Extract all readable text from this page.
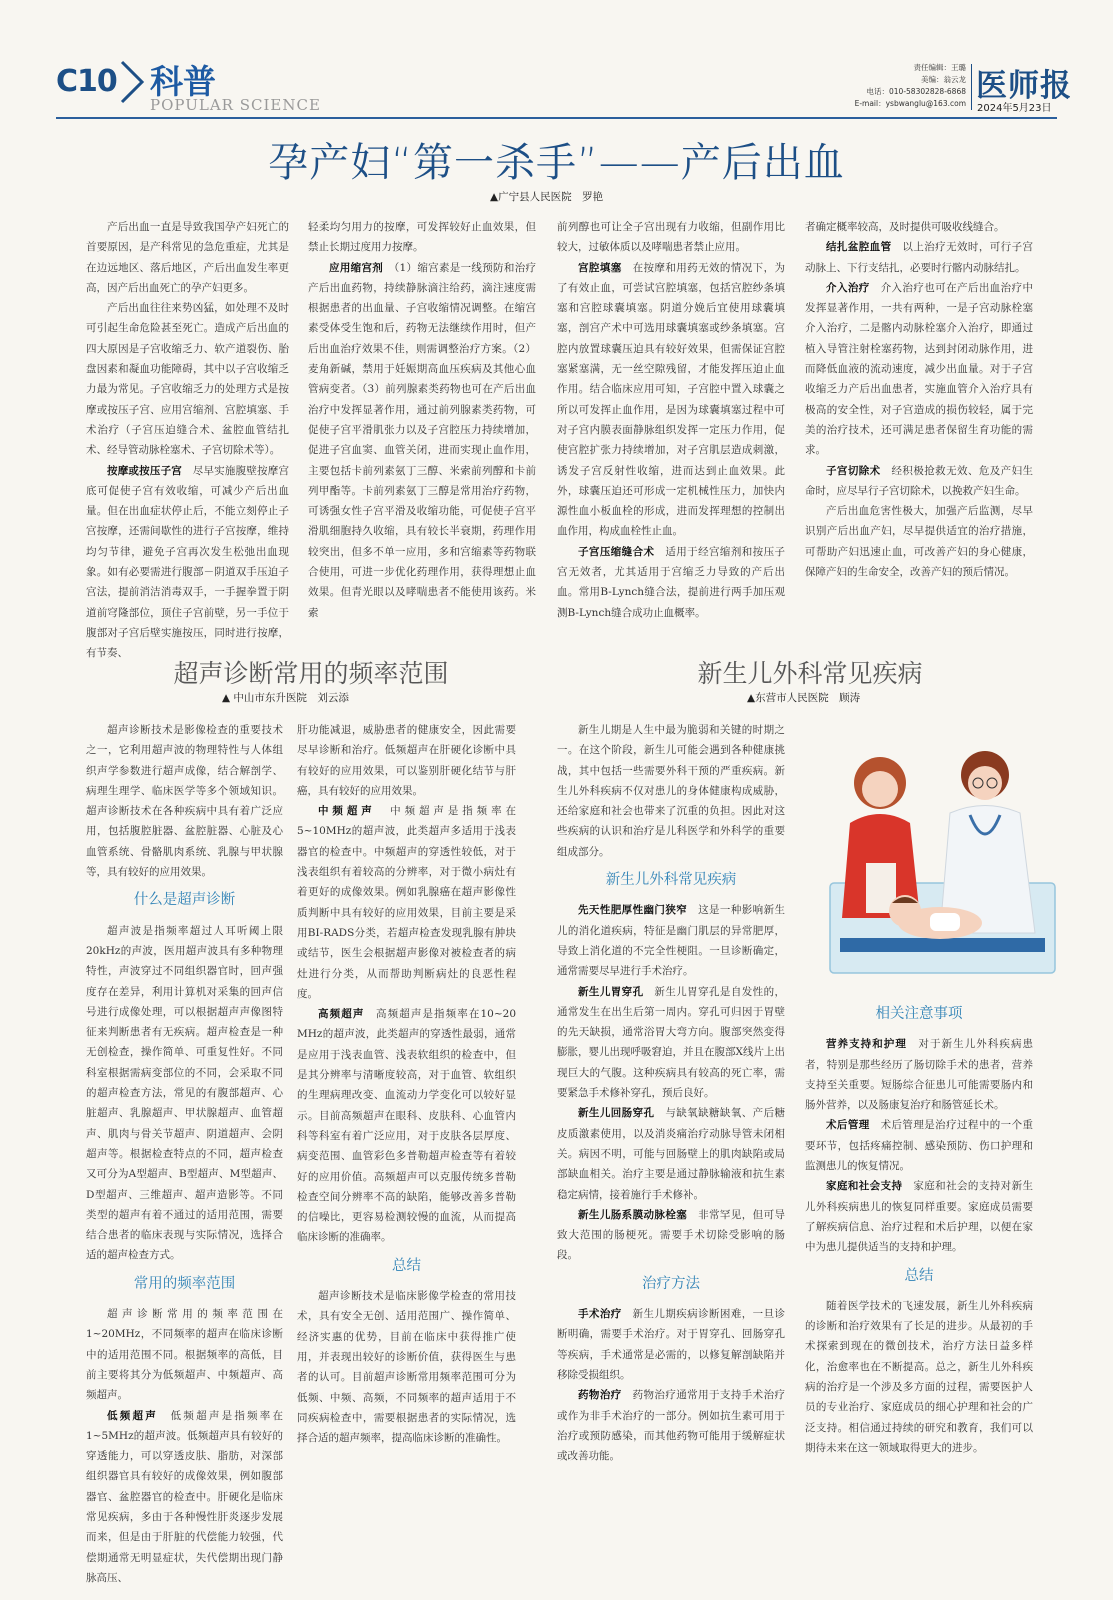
C10 科普
POPULAR SCIENCE
责任编辑：王璐
美编：翁云龙
电话：010-58302828-6868
E-mail：ysbwanglu@163.com 医师报
2024年5月23日
孕产妇“第一杀手”——产后出血
▲广宁县人民医院　罗艳

产后出血一直是导致我国孕产妇死亡的首要原因，是产科常见的急危重症，尤其是在边远地区、落后地区，产后出血发生率更高，因产后出血死亡的孕产妇更多。

产后出血往往来势凶猛，如处理不及时可引起生命危险甚至死亡。造成产后出血的四大原因是子宫收缩乏力、软产道裂伤、胎盘因素和凝血功能障碍，其中以子宫收缩乏力最为常见。子宫收缩乏力的处理方式是按摩或按压子宫、应用宫缩剂、宫腔填塞、手术治疗（子宫压迫缝合术、盆腔血管结扎术、经导管动脉栓塞术、子宫切除术等）。

按摩或按压子宫　 尽早实施腹壁按摩宫底可促使子宫有效收缩，可减少产后出血量。但在出血症状停止后，不能立刻停止子宫按摩，还需间歇性的进行子宫按摩，维持均匀节律，避免子宫再次发生松弛出血现象。如有必要需进行腹部－阴道双手压迫子宫法，提前消洁消毒双手，一手握拳置于阴道前穹隆部位，顶住子宫前壁，另一手位于腹部对子宫后壁实施按压，同时进行按摩，有节奏、

轻柔均匀用力的按摩，可发挥较好止血效果，但禁止长期过度用力按摩。

应用缩宫剂　 （1）缩宫素是一线预防和治疗产后出血药物，持续静脉滴注给药，滴注速度需根据患者的出血量、子宫收缩情况调整。在缩宫素受体受生饱和后，药物无法继续作用时，但产后出血治疗效果不佳，则需调整治疗方案。（2）麦角新碱，禁用于妊娠期高血压疾病及其他心血管病变者。（3）前列腺素类药物也可在产后出血治疗中发挥显著作用，通过前列腺素类药物，可促使子宫平滑肌张力以及子宫腔压力持续增加，促进子宫血窦、血管关闭，进而实现止血作用，主要包括卡前列素氨丁三醇、米索前列醇和卡前列甲酯等。卡前列素氨丁三醇是常用治疗药物，可诱强女性子宫平滑及收缩功能，可促使子宫平滑肌细胞持久收缩，具有较长半衰期，药理作用较突出，但多不单一应用，多和宫缩素等药物联合使用，可进一步优化药理作用，获得理想止血效果。但青光眼以及哮喘患者不能使用该药。米索

前列醇也可让全子宫出现有力收缩，但副作用比较大，过敏体质以及哮喘患者禁止应用。

宫腔填塞　 在按摩和用药无效的情况下，为了有效止血，可尝试宫腔填塞，包括宫腔纱条填塞和宫腔球囊填塞。阴道分娩后宜使用球囊填塞，剖宫产术中可选用球囊填塞或纱条填塞。宫腔内放置球囊压迫具有较好效果，但需保证宫腔塞紧塞满，无一丝空隙残留，才能发挥压迫止血作用。结合临床应用可知，子宫腔中置入球囊之所以可发挥止血作用，是因为球囊填塞过程中可对子宫内膜表面静脉组织发挥一定压力作用，促使宫腔扩张力持续增加，对子宫肌层造成刺激，诱发子宫反射性收缩，进而达到止血效果。此外，球囊压迫还可形成一定机械性压力，加快内源性血小板血栓的形成，进而发挥理想的控制出血作用，构成血栓性止血。

子宫压缩缝合术　 适用于经宫缩剂和按压子宫无效者，尤其适用于宫缩乏力导致的产后出血。常用B-Lynch缝合法，提前进行两手加压观测B-Lynch缝合成功止血概率。

者确定概率较高，及时提供可吸收线缝合。

结扎盆腔血管　 以上治疗无效时，可行子宫动脉上、下行支结扎，必要时行髂内动脉结扎。

介入治疗　 介入治疗也可在产后出血治疗中发挥显著作用，一共有两种，一是子宫动脉栓塞介入治疗，二是髂内动脉栓塞介入治疗，即通过植入导管注射栓塞药物，达到封闭动脉作用，进而降低血液的流动速度，减少出血量。对于子宫收缩乏力产后出血患者，实施血管介入治疗具有极高的安全性，对子宫造成的损伤较轻，属于完美的治疗技术，还可满足患者保留生育功能的需求。

子宫切除术　 经积极抢救无效、危及产妇生命时，应尽早行子宫切除术，以挽救产妇生命。

产后出血危害性极大，加强产后监测，尽早识别产后出血产妇，尽早提供适宜的治疗措施，可帮助产妇迅速止血，可改善产妇的身心健康，保障产妇的生命安全，改善产妇的预后情况。

超声诊断常用的频率范围
▲ 中山市东升医院　刘云添

超声诊断技术是影像检查的重要技术之一，它利用超声波的物理特性与人体组织声学参数进行超声成像，结合解剖学、病理生理学、临床医学等多个领域知识。超声诊断技术在各种疾病中具有着广泛应用，包括腹腔脏器、盆腔脏器、心脏及心血管系统、骨骼肌肉系统、乳腺与甲状腺等，具有较好的应用效果。

什么是超声诊断

超声波是指频率超过人耳听阈上限20kHz的声波，医用超声波具有多种物理特性，声波穿过不同组织器官时，回声强度存在差异，利用计算机对采集的回声信号进行成像处理，可以根据超声声像图特征来判断患者有无疾病。超声检查是一种无创检查，操作简单、可重复性好。不同科室根据需病变部位的不同，会采取不同的超声检查方法，常见的有腹部超声、心脏超声、乳腺超声、甲状腺超声、血管超声、肌肉与骨关节超声、阴道超声、会阴超声等。根据检查特点的不同，超声检查又可分为A型超声、B型超声、M型超声、D型超声、三维超声、超声造影等。不同类型的超声有着不通过的适用范围，需要结合患者的临床表现与实际情况，选择合适的超声检查方式。

常用的频率范围

超声诊断常用的频率范围在1~20MHz，不同频率的超声在临床诊断中的适用范围不同。根据频率的高低，目前主要将其分为低频超声、中频超声、高频超声。

低频超声　 低频超声是指频率在1~5MHz的超声波。低频超声具有较好的穿透能力，可以穿透皮肤、脂肪，对深部组织器官具有较好的成像效果，例如腹部器官、盆腔器官的检查中。肝硬化是临床常见疾病，多由于各种慢性肝炎逐步发展而来，但是由于肝脏的代偿能力较强，代偿期通常无明显症状，失代偿期出现门静脉高压、

肝功能减退，威胁患者的健康安全，因此需要尽早诊断和治疗。低频超声在肝硬化诊断中具有较好的应用效果，可以鉴别肝硬化结节与肝癌，具有较好的应用效果。

中频超声　 中频超声是指频率在5~10MHz的超声波，此类超声多适用于浅表器官的检查中。中频超声的穿透性较低，对于浅表组织有着较高的分辨率，对于微小病灶有着更好的成像效果。例如乳腺癌在超声影像性质判断中具有较好的应用效果，目前主要是采用BI-RADS分类，若超声检查发现乳腺有肿块或结节，医生会根据超声影像对被检查者的病灶进行分类，从而帮助判断病灶的良恶性程度。

高频超声　 高频超声是指频率在10~20 MHz的超声波，此类超声的穿透性最弱，通常是应用于浅表血管、浅表软组织的检查中，但是其分辨率与清晰度较高，对于血管、软组织的生理病理改变、血流动力学变化可以较好显示。目前高频超声在眼科、皮肤科、心血管内科等科室有着广泛应用，对于皮肤各层厚度、病变范围、血管彩色多普勒超声检查等有着较好的应用价值。高频超声可以克服传统多普勒检查空间分辨率不高的缺陷，能够改善多普勒的信噪比，更容易检测较慢的血流，从而提高临床诊断的准确率。

总结

超声诊断技术是临床影像学检查的常用技术，具有安全无创、适用范围广、操作简单、经济实惠的优势，目前在临床中获得推广使用，并表现出较好的诊断价值，获得医生与患者的认可。目前超声诊断常用频率范围可分为低频、中频、高频，不同频率的超声适用于不同疾病检查中，需要根据患者的实际情况，选择合适的超声频率，提高临床诊断的准确性。

新生儿外科常见疾病
▲东营市人民医院　顾涛

新生儿期是人生中最为脆弱和关键的时期之一。在这个阶段，新生儿可能会遇到各种健康挑战，其中包括一些需要外科干预的严重疾病。新生儿外科疾病不仅对患儿的身体健康构成威胁，还给家庭和社会也带来了沉重的负担。因此对这些疾病的认识和治疗是儿科医学和外科学的重要组成部分。

新生儿外科常见疾病

先天性肥厚性幽门狭窄　 这是一种影响新生儿的消化道疾病，特征是幽门肌层的异常肥厚，导致上消化道的不完全性梗阻。一旦诊断确定，通常需要尽早进行手术治疗。

新生儿胃穿孔　 新生儿胃穿孔是自发性的，通常发生在出生后第一周内。穿孔可归因于胃壁的先天缺损，通常浴胃大弯方向。腹部突然变得膨胀，婴儿出现呼吸窘迫，并且在腹部X线片上出现巨大的气腹。这种疾病具有较高的死亡率，需要紧急手术修补穿孔，预后良好。

新生儿回肠穿孔　 与缺氧缺糖缺氧、产后糖皮质激素使用，以及消炎痛治疗动脉导管未闭相关。病因不明，可能与回肠壁上的肌肉缺陷或局部缺血相关。治疗主要是通过静脉输液和抗生素稳定病情，接着施行手术修补。

新生儿肠系膜动脉栓塞　 非常罕见，但可导致大范围的肠梗死。需要手术切除受影响的肠段。

治疗方法

手术治疗　 新生儿期疾病诊断困难，一旦诊断明确，需要手术治疗。对于胃穿孔、回肠穿孔等疾病，手术通常是必需的，以修复解剖缺陷并移除受损组织。

药物治疗　 药物治疗通常用于支持手术治疗或作为非手术治疗的一部分。例如抗生素可用于治疗或预防感染，而其他药物可能用于缓解症状或改善功能。

相关注意事项

营养支持和护理　 对于新生儿外科疾病患者，特别是那些经历了肠切除手术的患者，营养支持至关重要。短肠综合征患儿可能需要肠内和肠外营养，以及肠康复治疗和肠管延长术。

术后管理　 术后管理是治疗过程中的一个重要环节，包括疼痛控制、感染预防、伤口护理和监测患儿的恢复情况。

家庭和社会支持　 家庭和社会的支持对新生儿外科疾病患儿的恢复同样重要。家庭成员需要了解疾病信息、治疗过程和术后护理，以便在家中为患儿提供适当的支持和护理。

总结

随着医学技术的飞速发展，新生儿外科疾病的诊断和治疗效果有了长足的进步。从最初的手术探索到现在的微创技术，治疗方法日益多样化，治愈率也在不断提高。总之，新生儿外科疾病的治疗是一个涉及多方面的过程，需要医护人员的专业治疗、家庭成员的细心护理和社会的广泛支持。相信通过持续的研究和教育，我们可以期待未来在这一领域取得更大的进步。
